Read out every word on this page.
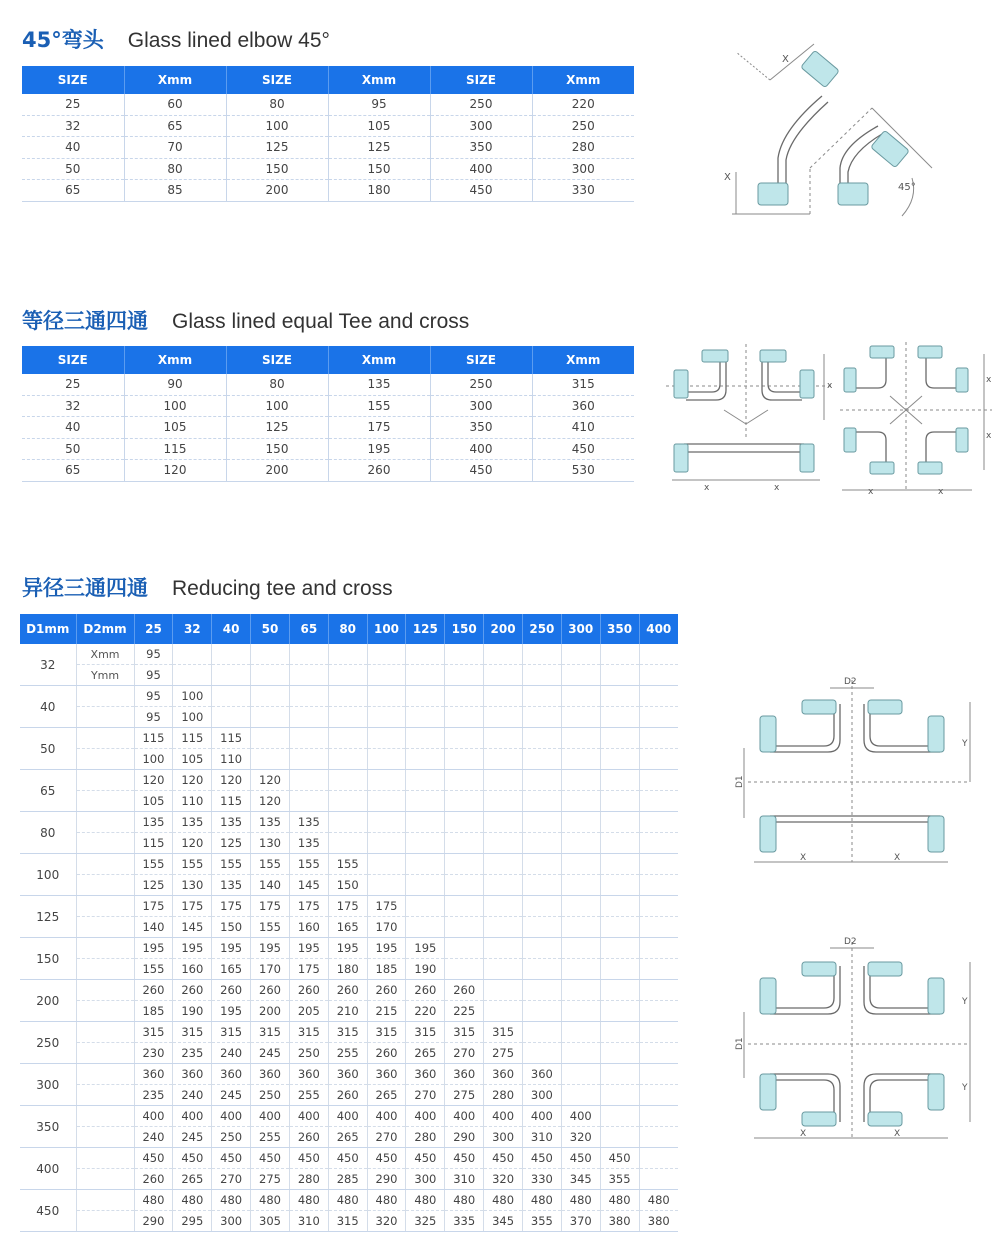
45°弯头 Glass lined elbow 45°
SIZE	Xmm	SIZE	Xmm	SIZE	Xmm
25	60	80	95	250	220
32	65	100	105	300	250
40	70	125	125	350	280
50	80	150	150	400	300
65	85	200	180	450	330
X
X
45°
等径三通四通 Glass lined equal Tee and cross
SIZE	Xmm	SIZE	Xmm	SIZE	Xmm
25	90	80	135	250	315
32	100	100	155	300	360
40	105	125	175	350	410
50	115	150	195	400	450
65	120	200	260	450	530
x	x
x
x	x
x
x
异径三通四通 Reducing tee and cross
D1mm	D2mm	25	32	40	50	65	80	100	125	150	200	250	300	350	400
32	Xmm	95													
	Ymm	95													
40		95	100												
		95	100												
50		115	115	115											
		100	105	110											
65		120	120	120	120										
		105	110	115	120										
80		135	135	135	135	135									
		115	120	125	130	135									
100		155	155	155	155	155	155								
		125	130	135	140	145	150								
125		175	175	175	175	175	175	175							
		140	145	150	155	160	165	170							
150		195	195	195	195	195	195	195	195						
		155	160	165	170	175	180	185	190						
200		260	260	260	260	260	260	260	260	260					
		185	190	195	200	205	210	215	220	225					
250		315	315	315	315	315	315	315	315	315	315				
		230	235	240	245	250	255	260	265	270	275				
300		360	360	360	360	360	360	360	360	360	360	360			
		235	240	245	250	255	260	265	270	275	280	300			
350		400	400	400	400	400	400	400	400	400	400	400	400		
		240	245	250	255	260	265	270	280	290	300	310	320		
400		450	450	450	450	450	450	450	450	450	450	450	450	450	
		260	265	270	275	280	285	290	300	310	320	330	345	355	
450		480	480	480	480	480	480	480	480	480	480	480	480	480	480
		290	295	300	305	310	315	320	325	335	345	355	370	380	380
D2
D1
X	X
Y
D2
D1
X	X
Y
Y
